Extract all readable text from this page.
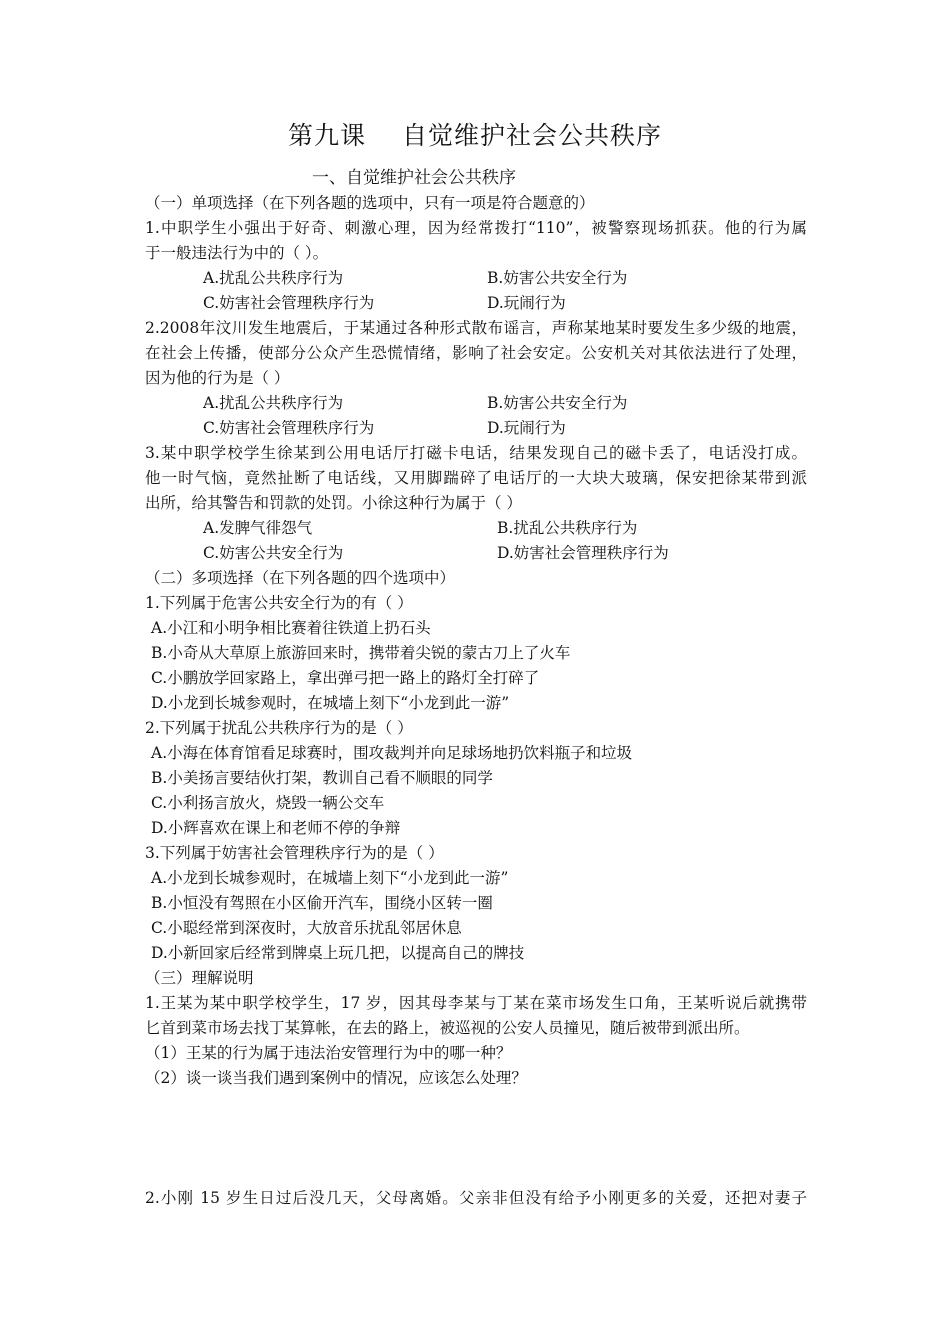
第九课 自觉维护社会公共秩序
一、自觉维护社会公共秩序
（一）单项选择（在下列各题的选项中，只有一项是符合题意的）
1.中职学生小强出于好奇、刺激心理，因为经常拨打“110”，被警察现场抓获。他的行为属
于一般违法行为中的（ ）。
A.扰乱公共秩序行为	B.妨害公共安全行为
C.妨害社会管理秩序行为	D.玩闹行为
2.2008年汶川发生地震后，于某通过各种形式散布谣言，声称某地某时要发生多少级的地震，
在社会上传播，使部分公众产生恐慌情绪，影响了社会安定。公安机关对其依法进行了处理，
因为他的行为是（ ）
A.扰乱公共秩序行为	B.妨害公共安全行为
C.妨害社会管理秩序行为	D.玩闹行为
3.某中职学校学生徐某到公用电话厅打磁卡电话，结果发现自己的磁卡丢了，电话没打成。
他一时气恼，竟然扯断了电话线，又用脚踹碎了电话厅的一大块大玻璃，保安把徐某带到派
出所，给其警告和罚款的处罚。小徐这种行为属于（ ）
A.发脾气徘怨气	B.扰乱公共秩序行为
C.妨害公共安全行为	D.妨害社会管理秩序行为
（二）多项选择（在下列各题的四个选项中）
1.下列属于危害公共安全行为的有（ ）
A.小江和小明争相比赛着往铁道上扔石头
B.小奇从大草原上旅游回来时，携带着尖锐的蒙古刀上了火车
C.小鹏放学回家路上，拿出弹弓把一路上的路灯全打碎了
D.小龙到长城参观时，在城墙上刻下“小龙到此一游”
2.下列属于扰乱公共秩序行为的是（ ）
A.小海在体育馆看足球赛时，围攻裁判并向足球场地扔饮料瓶子和垃圾
B.小美扬言要结伙打架，教训自己看不顺眼的同学
C.小利扬言放火，烧毁一辆公交车
D.小辉喜欢在课上和老师不停的争辩
3.下列属于妨害社会管理秩序行为的是（ ）
A.小龙到长城参观时，在城墙上刻下“小龙到此一游”
B.小恒没有驾照在小区偷开汽车，围绕小区转一圈
C.小聪经常到深夜时，大放音乐扰乱邻居休息
D.小新回家后经常到牌桌上玩几把，以提高自己的牌技
（三）理解说明
1.王某为某中职学校学生，17 岁，因其母李某与丁某在菜市场发生口角，王某听说后就携带
匕首到菜市场去找丁某算帐，在去的路上，被巡视的公安人员撞见，随后被带到派出所。
（1）王某的行为属于违法治安管理行为中的哪一种？
（2）谈一谈当我们遇到案例中的情况，应该怎么处理？
2.小刚 15 岁生日过后没几天，父母离婚。父亲非但没有给予小刚更多的关爱，还把对妻子
